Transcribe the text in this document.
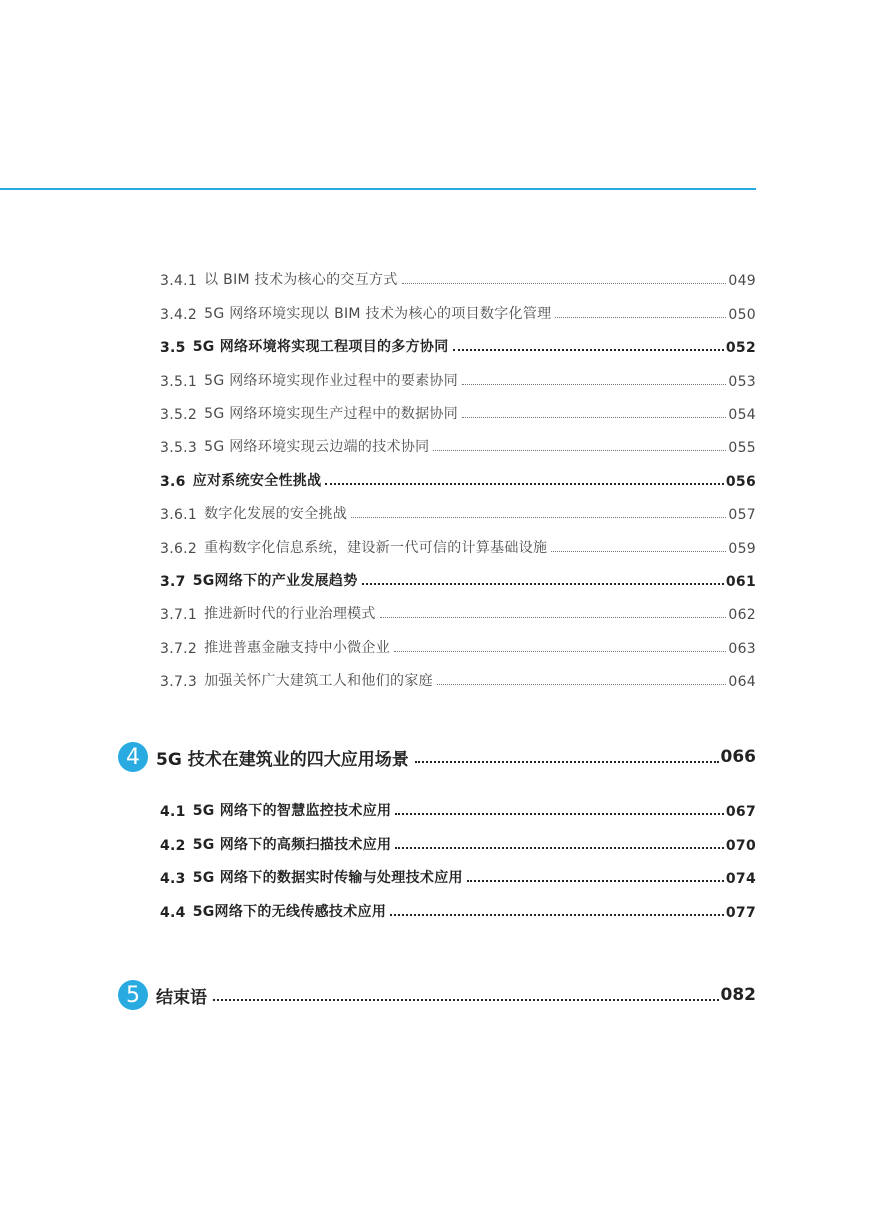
3.4.1 以 BIM 技术为核心的交互方式	049
3.4.2 5G 网络环境实现以 BIM 技术为核心的项目数字化管理	050
3.5 5G 网络环境将实现工程项目的多方协同	052
3.5.1 5G 网络环境实现作业过程中的要素协同	053
3.5.2 5G 网络环境实现生产过程中的数据协同	054
3.5.3 5G 网络环境实现云边端的技术协同	055
3.6 应对系统安全性挑战	056
3.6.1 数字化发展的安全挑战	057
3.6.2 重构数字化信息系统，建设新一代可信的计算基础设施	059
3.7 5G网络下的产业发展趋势	061
3.7.1 推进新时代的行业治理模式	062
3.7.2 推进普惠金融支持中小微企业	063
3.7.3 加强关怀广大建筑工人和他们的家庭	064
4 5G 技术在建筑业的四大应用场景	066
4.1 5G 网络下的智慧监控技术应用	067
4.2 5G 网络下的高频扫描技术应用	070
4.3 5G 网络下的数据实时传输与处理技术应用	074
4.4 5G网络下的无线传感技术应用	077
5 结束语	082
